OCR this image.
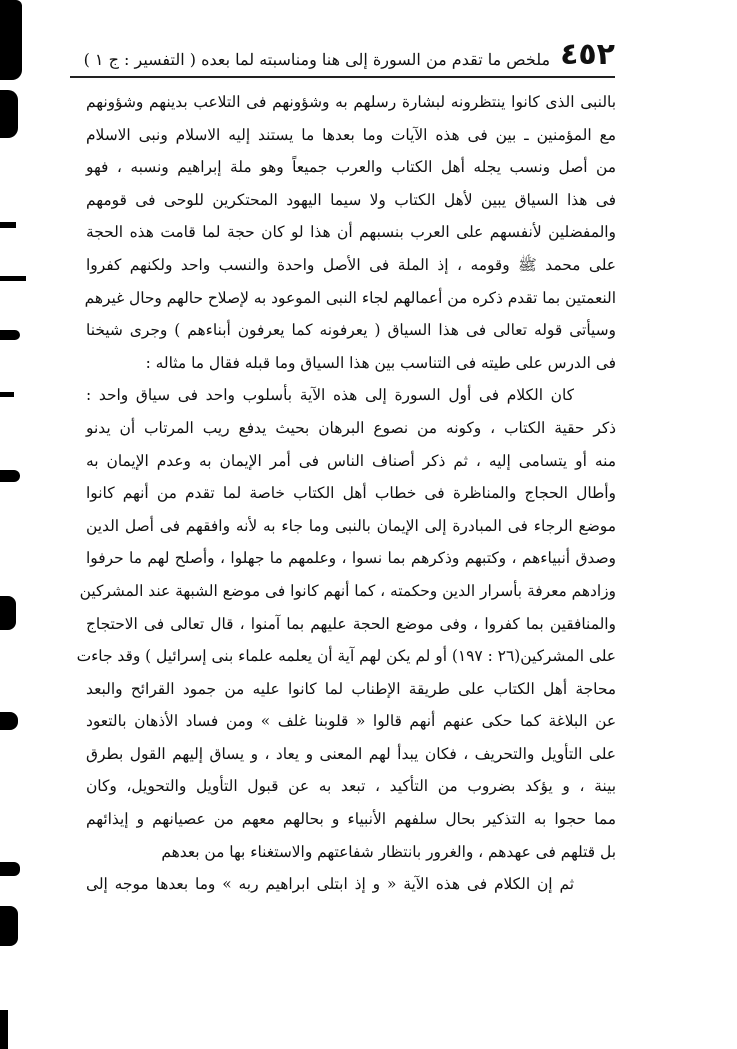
٤٥٢
ملخص ما تقدم من السورة إلى هنا ومناسبته لما بعده ( التفسير : ج ١ )
بالنبى الذى كانوا ينتظرونه لبشارة رسلهم به وشؤونهم فى التلاعب بدينهم وشؤونهم
مع المؤمنين ـ بين فى هذه الآيات وما بعدها ما يستند إليه الاسلام ونبى الاسلام
من أصل ونسب يجله أهل الكتاب والعرب جميعاً وهو ملة إبراهيم ونسبه ، فهو
فى هذا السياق يبين لأهل الكتاب ولا سيما اليهود المحتكرين للوحى فى قومهم
والمفضلين لأنفسهم على العرب بنسبهم أن هذا لو كان حجة لما قامت هذه الحجة
على محمد ﷺ وقومه ، إذ الملة فى الأصل واحدة والنسب واحد ولكنهم كفروا
النعمتين بما تقدم ذكره من أعمالهم لجاء النبى الموعود به لإصلاح حالهم وحال غيرهم
وسيأتى قوله تعالى فى هذا السياق ( يعرفونه كما يعرفون أبناءهم ) وجرى شيخنا
فى الدرس على طيته فى التناسب بين هذا السياق وما قبله فقال ما مثاله :
كان الكلام فى أول السورة إلى هذه الآية بأسلوب واحد فى سياق واحد :
ذكر حقية الكتاب ، وكونه من نصوع البرهان بحيث يدفع ريب المرتاب أن يدنو
منه أو يتسامى إليه ، ثم ذكر أصناف الناس فى أمر الإيمان به وعدم الإيمان به
وأطال الحجاج والمناظرة فى خطاب أهل الكتاب خاصة لما تقدم من أنهم كانوا
موضع الرجاء فى المبادرة إلى الإيمان بالنبى وما جاء به لأنه وافقهم فى أصل الدين
وصدق أنبياءهم ، وكتبهم وذكرهم بما نسوا ، وعلمهم ما جهلوا ، وأصلح لهم ما حرفوا
وزادهم معرفة بأسرار الدين وحكمته ، كما أنهم كانوا فى موضع الشبهة عند المشركين
والمنافقين بما كفروا ، وفى موضع الحجة عليهم بما آمنوا ، قال تعالى فى الاحتجاج
على المشركين(٢٦ : ١٩٧) أو لم يكن لهم آية أن يعلمه علماء بنى إسرائيل ) وقد جاءت
محاجة أهل الكتاب على طريقة الإطناب لما كانوا عليه من جمود القرائح والبعد
عن البلاغة كما حكى عنهم أنهم قالوا « قلوبنا غلف » ومن فساد الأذهان بالتعود
على التأويل والتحريف ، فكان يبدأ لهم المعنى و يعاد ، و يساق إليهم القول بطرق
بينة ، و يؤكد بضروب من التأكيد ، تبعد به عن قبول التأويل والتحويل، وكان
مما حجوا به التذكير بحال سلفهم الأنبياء و بحالهم معهم من عصيانهم و إيذائهم
بل قتلهم فى عهدهم ، والغرور بانتظار شفاعتهم والاستغناء بها من بعدهم
ثم إن الكلام فى هذه الآية « و إذ ابتلى ابراهيم ربه » وما بعدها موجه إلى
